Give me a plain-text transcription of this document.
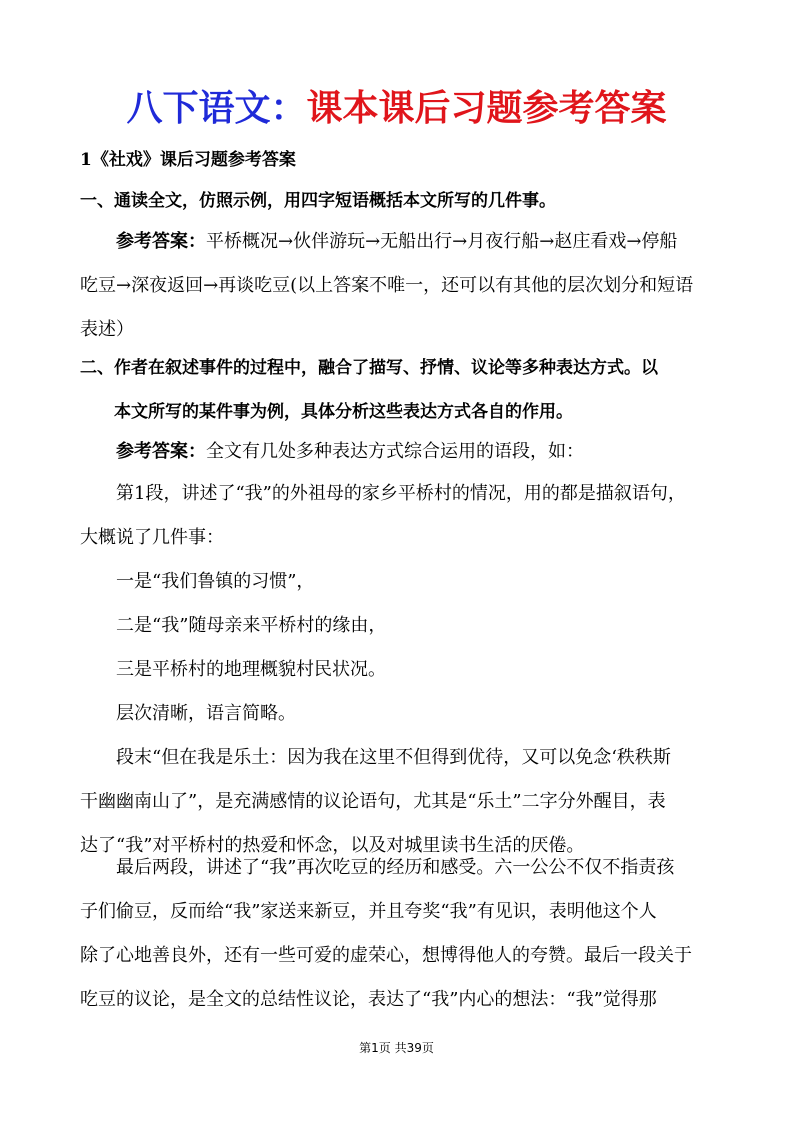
八下语文：课本课后习题参考答案
1《社戏》课后习题参考答案
一、通读全文，仿照示例，用四字短语概括本文所写的几件事。
参考答案：平桥概况→伙伴游玩→无船出行→月夜行船→赵庄看戏→停船
吃豆→深夜返回→再谈吃豆(以上答案不唯一，还可以有其他的层次划分和短语
表述）
二、作者在叙述事件的过程中，融合了描写、抒情、议论等多种表达方式。以
本文所写的某件事为例，具体分析这些表达方式各自的作用。
参考答案：全文有几处多种表达方式综合运用的语段，如：
第1段，讲述了“我”的外祖母的家乡平桥村的情况，用的都是描叙语句，
大概说了几件事：
一是“我们鲁镇的习惯”，
二是“我”随母亲来平桥村的缘由，
三是平桥村的地理概貌村民状况。
层次清晰，语言简略。
段末“但在我是乐土：因为我在这里不但得到优待，又可以免念‘秩秩斯
干幽幽南山了”，是充满感情的议论语句，尤其是“乐土”二字分外醒目，表
达了“我”对平桥村的热爱和怀念，以及对城里读书生活的厌倦。
最后两段，讲述了“我”再次吃豆的经历和感受。六一公公不仅不指责孩
子们偷豆，反而给“我”家送来新豆，并且夸奖“我”有见识，表明他这个人
除了心地善良外，还有一些可爱的虚荣心，想博得他人的夸赞。最后一段关于
吃豆的议论，是全文的总结性议论，表达了“我”内心的想法：“我”觉得那
第1页 共39页
